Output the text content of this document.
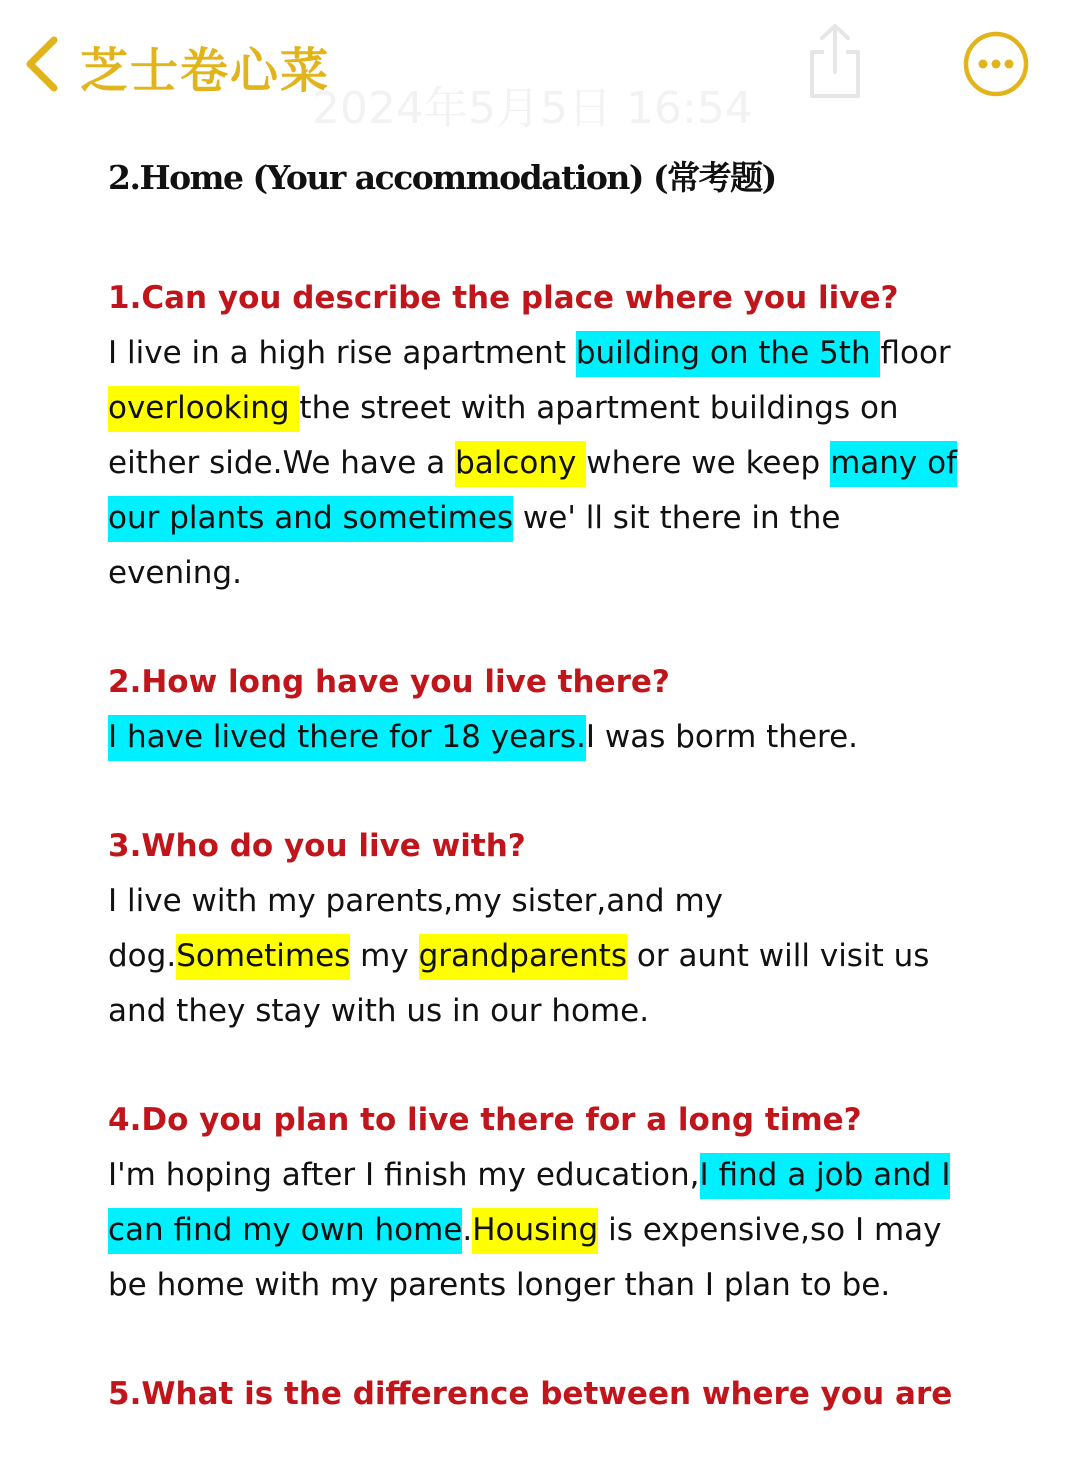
芝士卷心菜
2024年5月5日 16:54
2.Home (Your accommodation) (常考题)
1.Can you describe the place where you live?
I live in a high rise apartment building on the 5th floor overlooking the street with apartment buildings on either side.We have a balcony where we keep many of our plants and sometimes we' ll sit there in the evening.
2.How long have you live there?
I have lived there for 18 years.I was borm there.
3.Who do you live with?
I live with my parents,my sister,and my dog.Sometimes my grandparents or aunt will visit us and they stay with us in our home.
4.Do you plan to live there for a long time?
I'm hoping after I finish my education,I find a job and I can find my own home.Housing is expensive,so I may be home with my parents longer than I plan to be.
5.What is the difference between where you are
